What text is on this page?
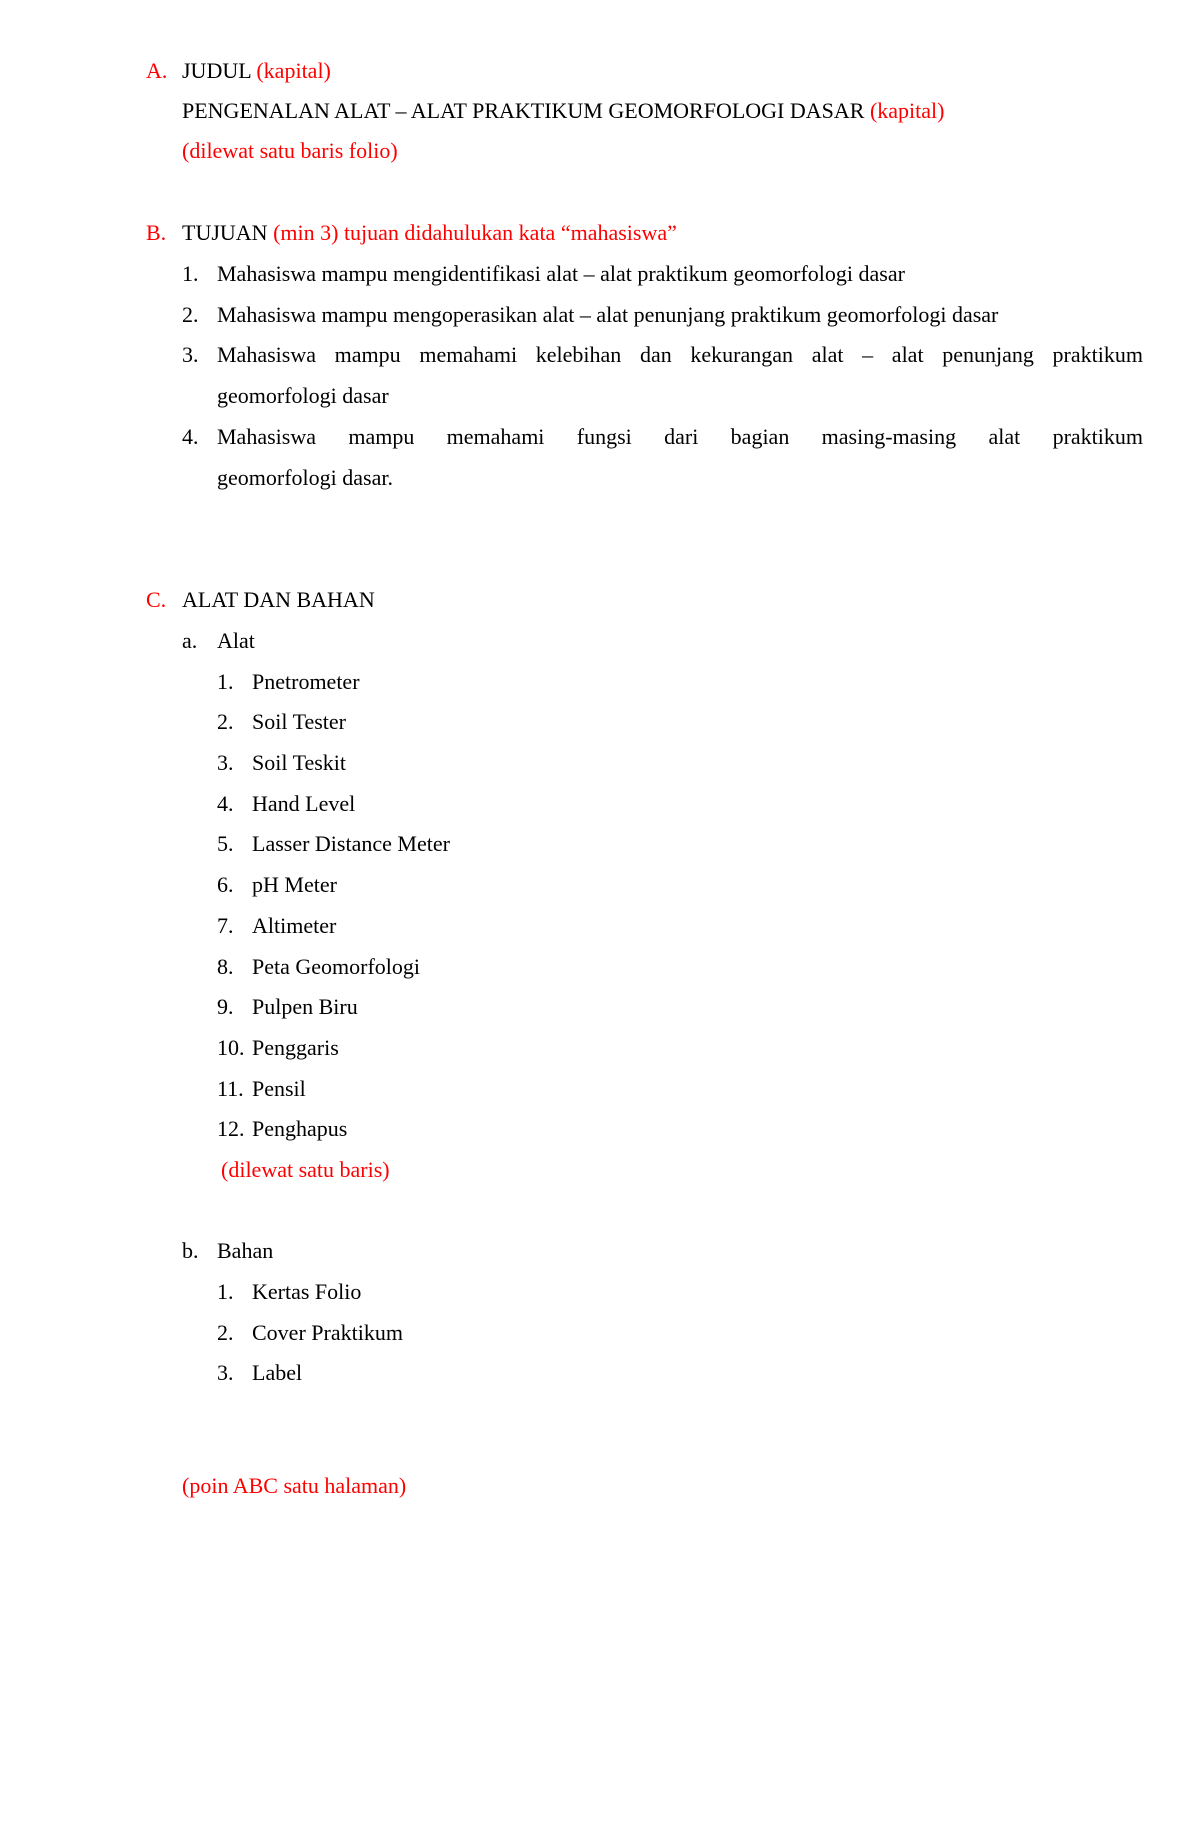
A. JUDUL (kapital)
PENGENALAN ALAT – ALAT PRAKTIKUM GEOMORFOLOGI DASAR (kapital)
(dilewat satu baris folio)
B. TUJUAN (min 3) tujuan didahulukan kata “mahasiswa”
1. Mahasiswa mampu mengidentifikasi alat – alat praktikum geomorfologi dasar
2. Mahasiswa mampu mengoperasikan alat – alat penunjang praktikum geomorfologi dasar
3. Mahasiswa mampu memahami kelebihan dan kekurangan alat – alat penunjang praktikum
geomorfologi dasar
4. Mahasiswa mampu memahami fungsi dari bagian masing-masing alat praktikum
geomorfologi dasar.
C. ALAT DAN BAHAN
a. Alat
1. Pnetrometer
2. Soil Tester
3. Soil Teskit
4. Hand Level
5. Lasser Distance Meter
6. pH Meter
7. Altimeter
8. Peta Geomorfologi
9. Pulpen Biru
10. Penggaris
11. Pensil
12. Penghapus
(dilewat satu baris)
b. Bahan
1. Kertas Folio
2. Cover Praktikum
3. Label
(poin ABC satu halaman)
